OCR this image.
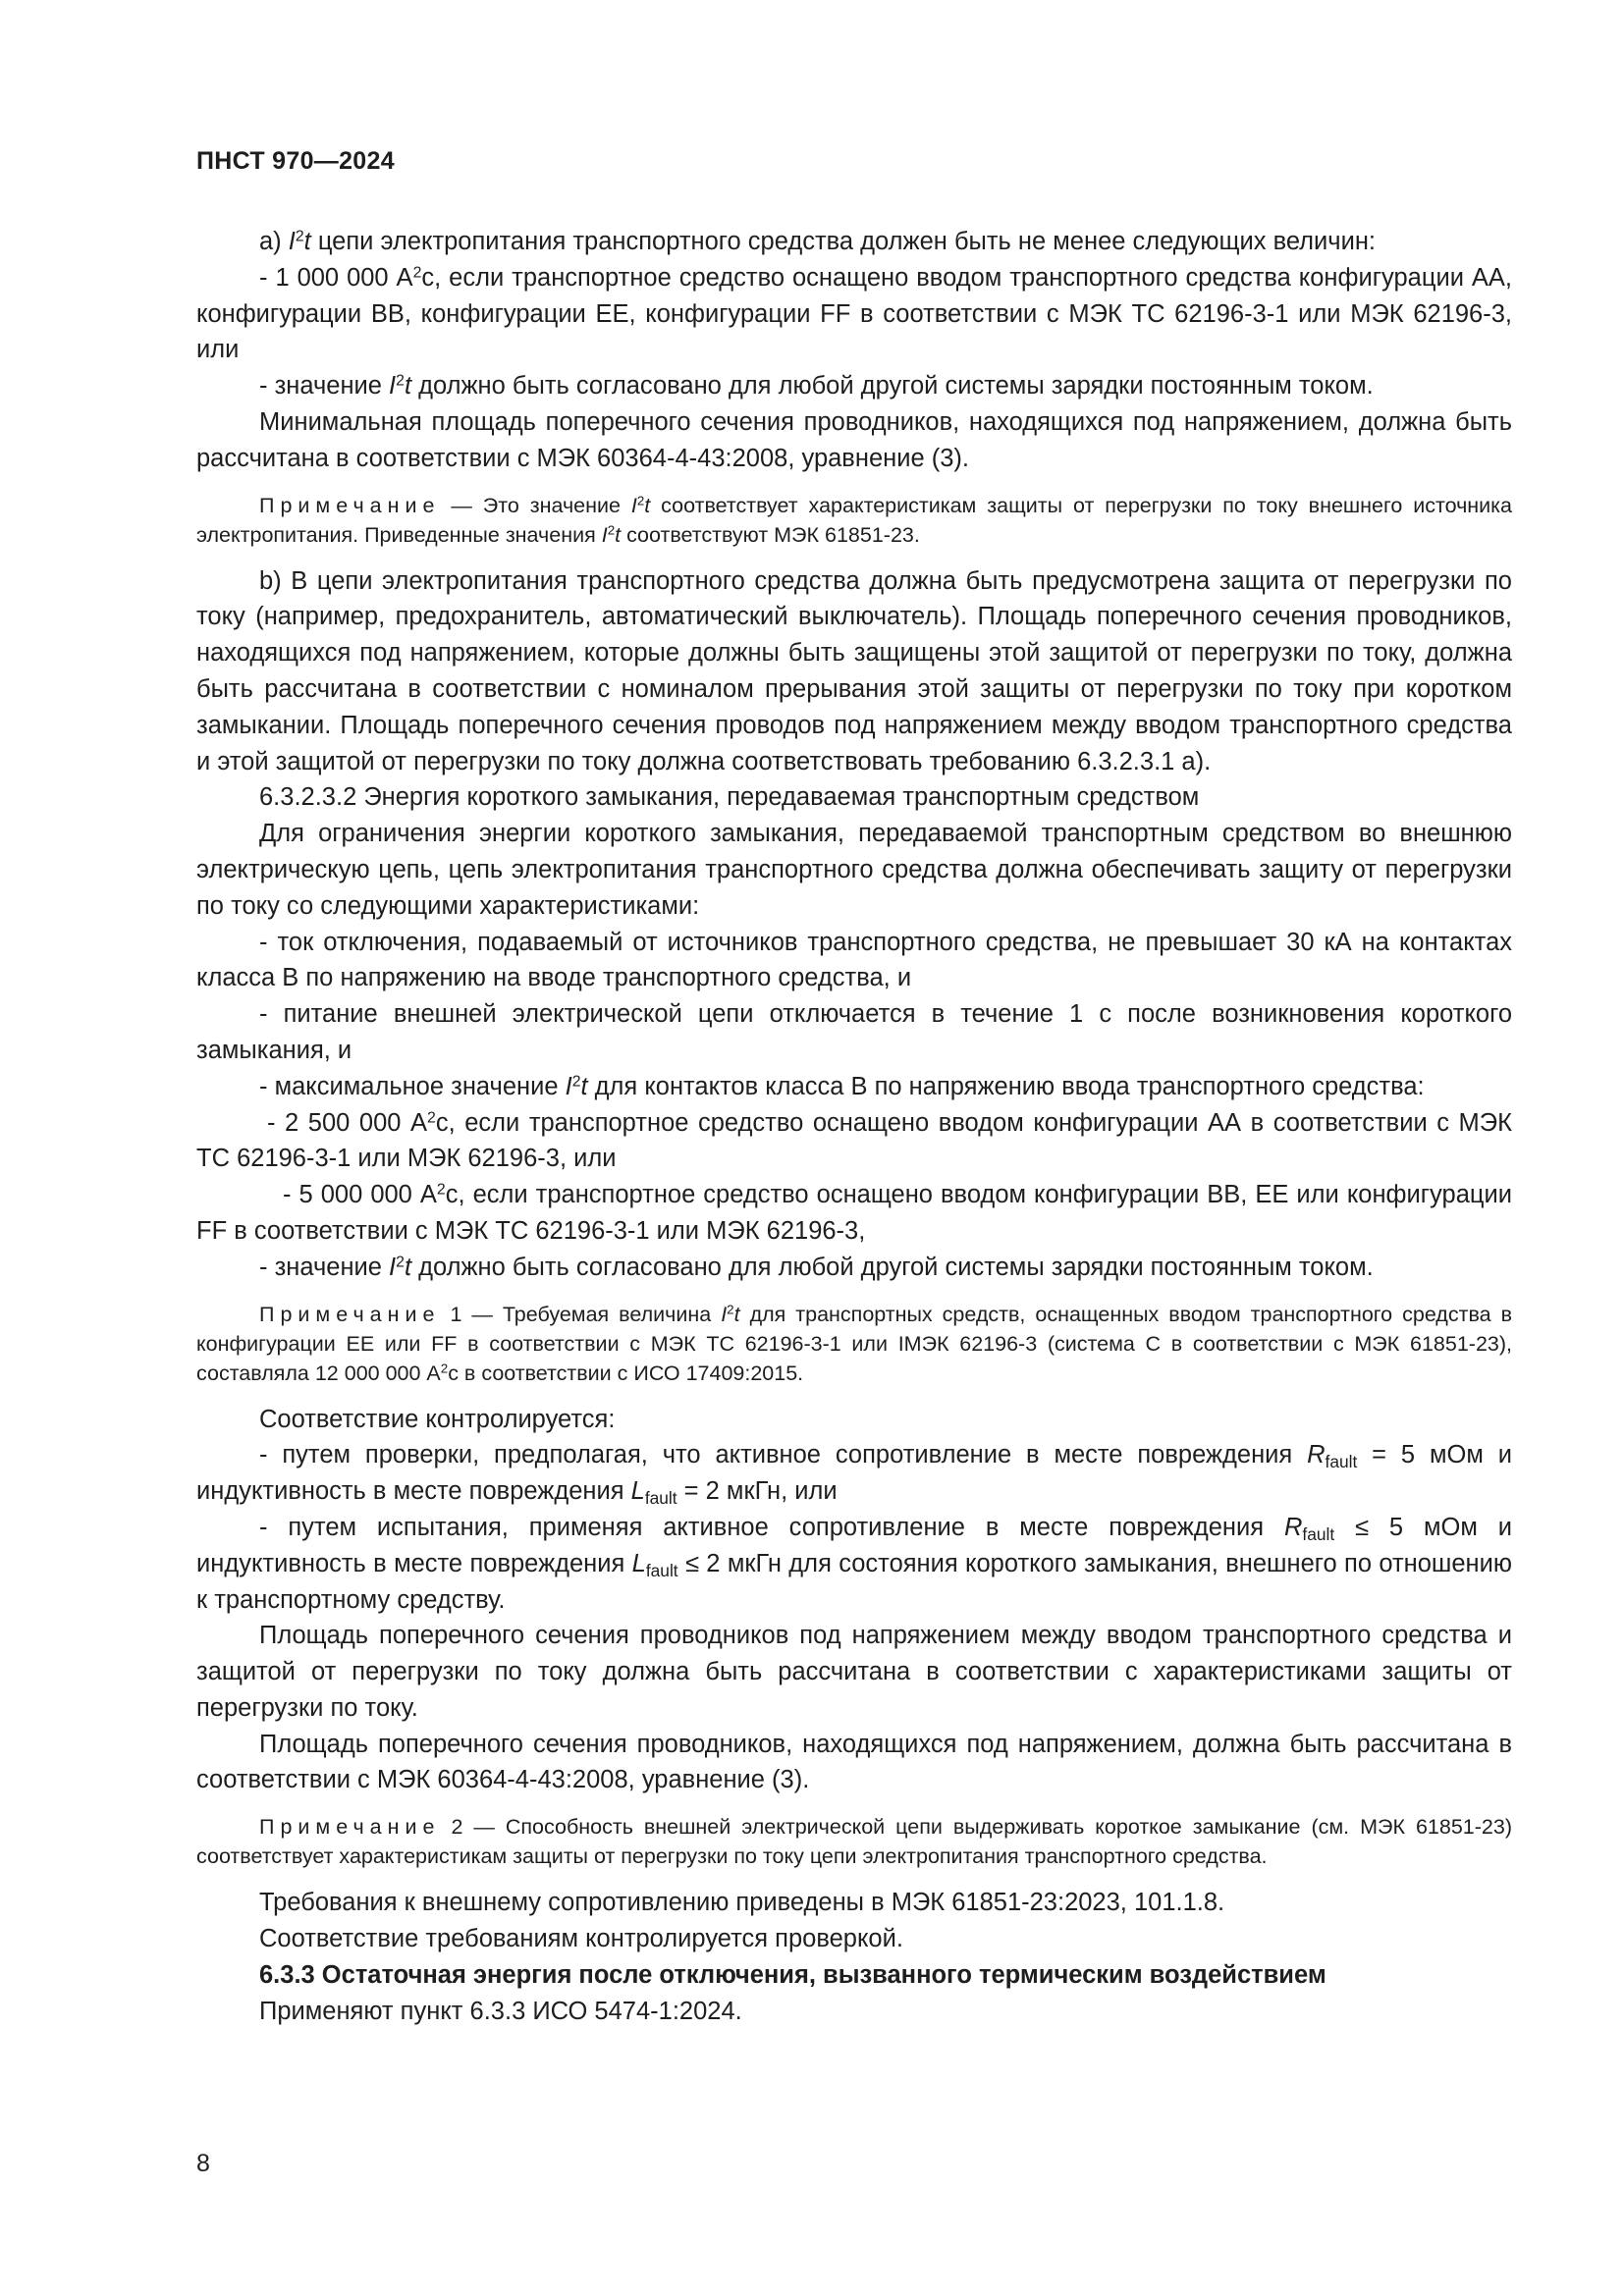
ПНСТ 970—2024

a) $I^2t$ цепи электропитания транспортного средства должен быть не менее следующих величин:

- 1 000 000 $А^2с$, если транспортное средство оснащено вводом транспортного средства конфигурации АА, конфигурации ВВ, конфигурации ЕЕ, конфигурации FF в соответствии с МЭК ТС 62196-3-1 или МЭК 62196-3, или

- значение $I^2t$ должно быть согласовано для любой другой системы зарядки постоянным током.

Минимальная площадь поперечного сечения проводников, находящихся под напряжением, должна быть рассчитана в соответствии с МЭК 60364-4-43:2008, уравнение (3).

Примечание — Это значение $I^2t$ соответствует характеристикам защиты от перегрузки по току внешнего источника электропитания. Приведенные значения $I^2t$ соответствуют МЭК 61851-23.

b) В цепи электропитания транспортного средства должна быть предусмотрена защита от перегрузки по току (например, предохранитель, автоматический выключатель). Площадь поперечного сечения проводников, находящихся под напряжением, которые должны быть защищены этой защитой от перегрузки по току, должна быть рассчитана в соответствии с номиналом прерывания этой защиты от перегрузки по току при коротком замыкании. Площадь поперечного сечения проводов под напряжением между вводом транспортного средства и этой защитой от перегрузки по току должна соответствовать требованию 6.3.2.3.1 а).

6.3.2.3.2 Энергия короткого замыкания, передаваемая транспортным средством

Для ограничения энергии короткого замыкания, передаваемой транспортным средством во внешнюю электрическую цепь, цепь электропитания транспортного средства должна обеспечивать защиту от перегрузки по току со следующими характеристиками:

- ток отключения, подаваемый от источников транспортного средства, не превышает 30 кА на контактах класса В по напряжению на вводе транспортного средства, и

- питание внешней электрической цепи отключается в течение 1 с после возникновения короткого замыкания, и

- максимальное значение $I^2t$ для контактов класса В по напряжению ввода транспортного средства:

- 2 500 000 $А^2с$, если транспортное средство оснащено вводом конфигурации АА в соответствии с МЭК ТС 62196-3-1 или МЭК 62196-3, или

- 5 000 000 $А^2с$, если транспортное средство оснащено вводом конфигурации ВВ, ЕЕ или конфигурации FF в соответствии с МЭК ТС 62196-3-1 или МЭК 62196-3,

- значение $I^2t$ должно быть согласовано для любой другой системы зарядки постоянным током.

Примечание 1 — Требуемая величина $I^2t$ для транспортных средств, оснащенных вводом транспортного средства в конфигурации ЕЕ или FF в соответствии с МЭК ТС 62196-3-1 или IМЭК 62196-3 (система С в соответствии с МЭК 61851-23), составляла 12 000 000 $А^2с$ в соответствии с ИСО 17409:2015.

Соответствие контролируется:

- путем проверки, предполагая, что активное сопротивление в месте повреждения $R_{fault} = 5$ мОм и индуктивность в месте повреждения $L_{fault} = 2$ мкГн, или

- путем испытания, применяя активное сопротивление в месте повреждения $R_{fault} \le 5$ мОм и индуктивность в месте повреждения $L_{fault} \le 2$ мкГн для состояния короткого замыкания, внешнего по отношению к транспортному средству.

Площадь поперечного сечения проводников под напряжением между вводом транспортного средства и защитой от перегрузки по току должна быть рассчитана в соответствии с характеристиками защиты от перегрузки по току.

Площадь поперечного сечения проводников, находящихся под напряжением, должна быть рассчитана в соответствии с МЭК 60364-4-43:2008, уравнение (3).

Примечание 2 — Способность внешней электрической цепи выдерживать короткое замыкание (см. МЭК 61851-23) соответствует характеристикам защиты от перегрузки по току цепи электропитания транспортного средства.

Требования к внешнему сопротивлению приведены в МЭК 61851-23:2023, 101.1.8.

Соответствие требованиям контролируется проверкой.

6.3.3 Остаточная энергия после отключения, вызванного термическим воздействием

Применяют пункт 6.3.3 ИСО 5474-1:2024.

8
